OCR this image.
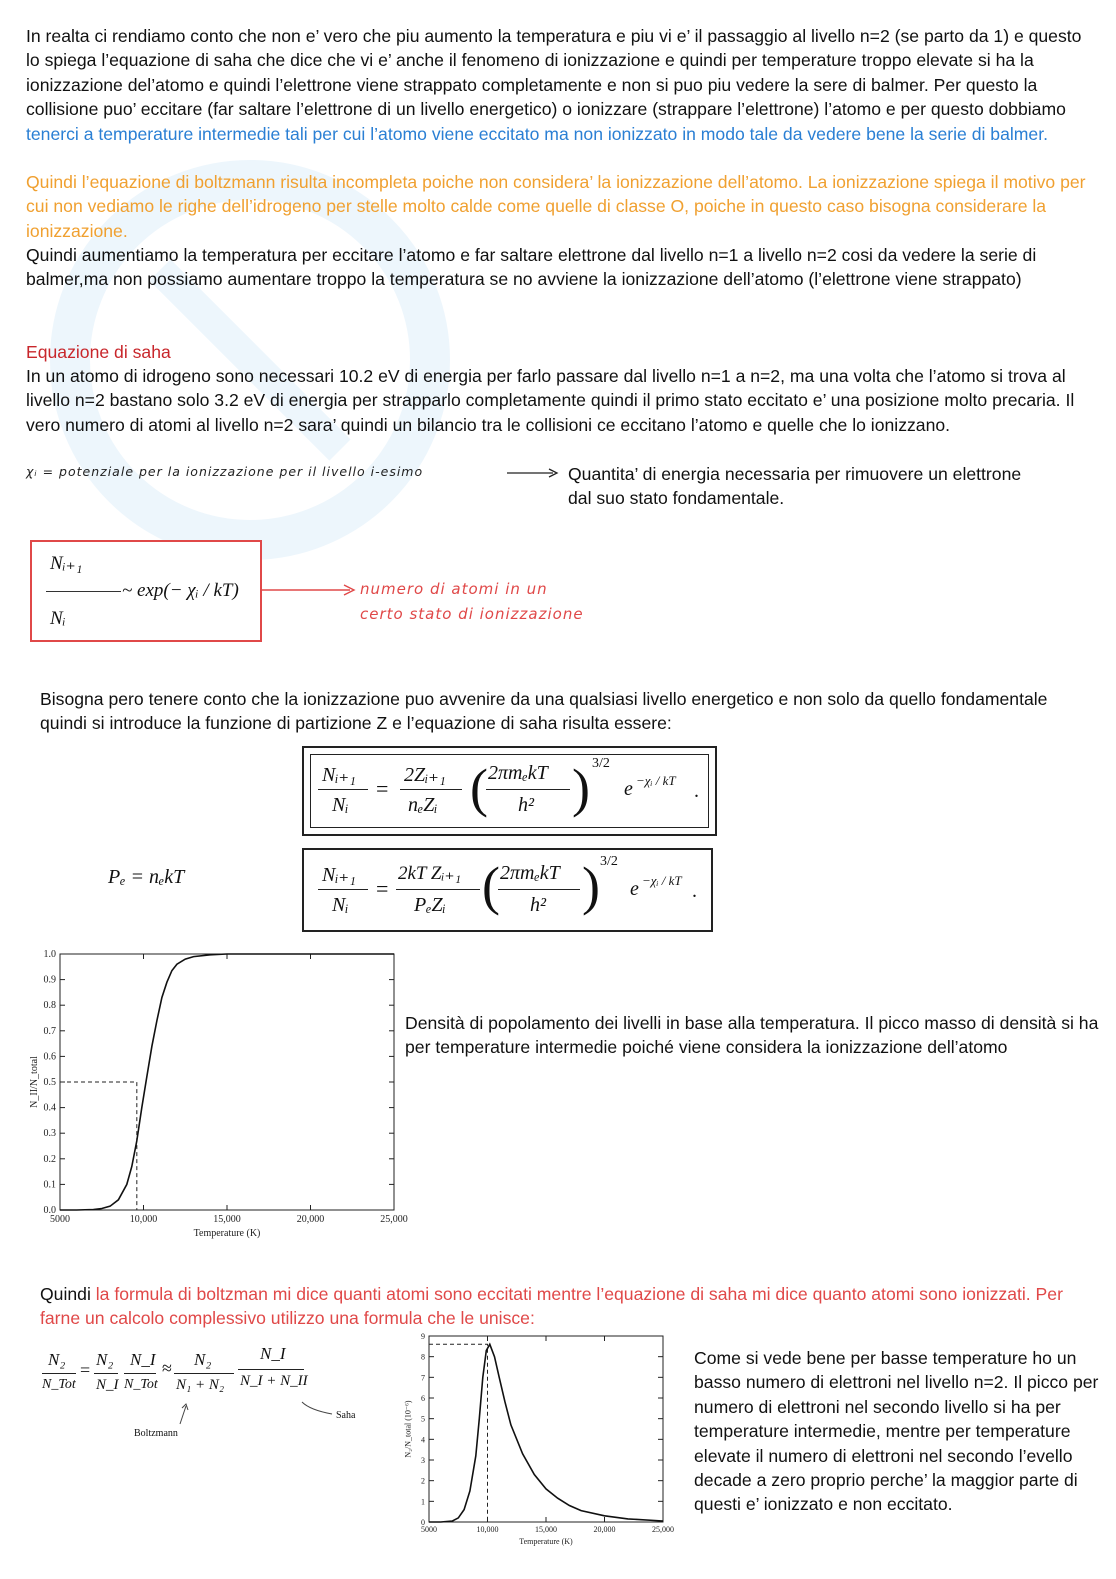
In realta ci rendiamo conto che non e’ vero che piu aumento la temperatura e piu vi e’ il passaggio al livello n=2 (se parto da 1) e questo lo spiega l’equazione di saha che dice che vi e’ anche il fenomeno di ionizzazione e quindi per temperature troppo elevate si ha la ionizzazione del’atomo e quindi l’elettrone viene strappato completamente e non si puo piu vedere la sere di balmer. Per questo la collisione puo’ eccitare (far saltare l’elettrone di un livello energetico) o ionizzare (strappare l’elettrone) l’atomo e per questo dobbiamo tenerci a temperature intermedie tali per cui l’atomo viene eccitato ma non ionizzato in modo tale da vedere bene la serie di balmer.

Quindi l’equazione di boltzmann risulta incompleta poiche non considera’ la ionizzazione dell’atomo. La ionizzazione spiega il motivo per cui non vediamo le righe dell’idrogeno per stelle molto calde come quelle di classe O, poiche in questo caso bisogna considerare la ionizzazione.

Quindi aumentiamo la temperatura per eccitare l’atomo e far saltare elettrone dal livello n=1 a livello n=2 cosi da vedere la serie di balmer,ma non possiamo aumentare troppo la temperatura se no avviene la ionizzazione dell’atomo (l’elettrone viene strappato)

Equazione di saha

In un atomo di idrogeno sono necessari 10.2 eV di energia per farlo passare dal livello n=1 a n=2, ma una volta che l’atomo si trova al livello n=2 bastano solo 3.2 eV di energia per strapparlo completamente quindi il primo stato eccitato e’ una posizione molto precaria. Il vero numero di atomi al livello n=2 sara’ quindi un bilancio tra le collisioni ce eccitano l’atomo e quelle che lo ionizzano.

χᵢ = potenziale per la ionizzazione per il livello i-esimo	Quantita’ di energia necessaria per rimuovere un elettrone dal suo stato fondamentale.

Nᵢ₊₁
~ exp(− χᵢ / kT)
Nᵢ
numero di atomi in un
certo stato di ionizzazione

Bisogna pero tenere conto che la ionizzazione puo avvenire da una qualsiasi livello energetico e non solo da quello fondamentale quindi si introduce la funzione di partizione Z e l’equazione di saha risulta essere:

Nᵢ₊₁
Nᵢ
=
2Zᵢ₊₁
nₑZᵢ ( 2πmₑkT
h² ) 3/2
e −χᵢ / kT .
Pₑ = nₑkT	Nᵢ₊₁
Nᵢ
=
2kT Zᵢ₊₁
PₑZᵢ ( 2πmₑkT
h² ) 3/2
e −χᵢ / kT .
0.0
0.1
0.2
0.3
0.4
0.5
0.6
0.7
0.8
0.9
1.0
5000	10,000	15,000	20,000	25,000
Temperature (K)
N_II/N_total

Densità di popolamento dei livelli in base alla temperatura. Il picco masso di densità si ha per temperature intermedie poiché viene considera la ionizzazione dell’atomo

Quindi la formula di boltzman mi dice quanti atomi sono eccitati mentre l’equazione di saha mi dice quanto atomi sono ionizzati. Per farne un calcolo complessivo utilizzo una formula che le unisce:

N₂
N_Tot
=
N₂
N_I
N_I
N_Tot
≈ N₂
N₁ + N₂
N_I
N_I + N_II
Boltzmann
Saha
0
1
2
3
4
5
6
7
8
9
5000	10,000	15,000	20,000	25,000
Temperature (K)
N₂/N_total (10⁻⁶)

Come si vede bene per basse temperature ho un basso numero di elettroni nel livello n=2. Il picco per numero di elettroni nel secondo livello si ha per temperature intermedie, mentre per temperature elevate il numero di elettroni nel secondo l’evello decade a zero proprio perche’ la maggior parte di questi e’ ionizzato e non eccitato.
